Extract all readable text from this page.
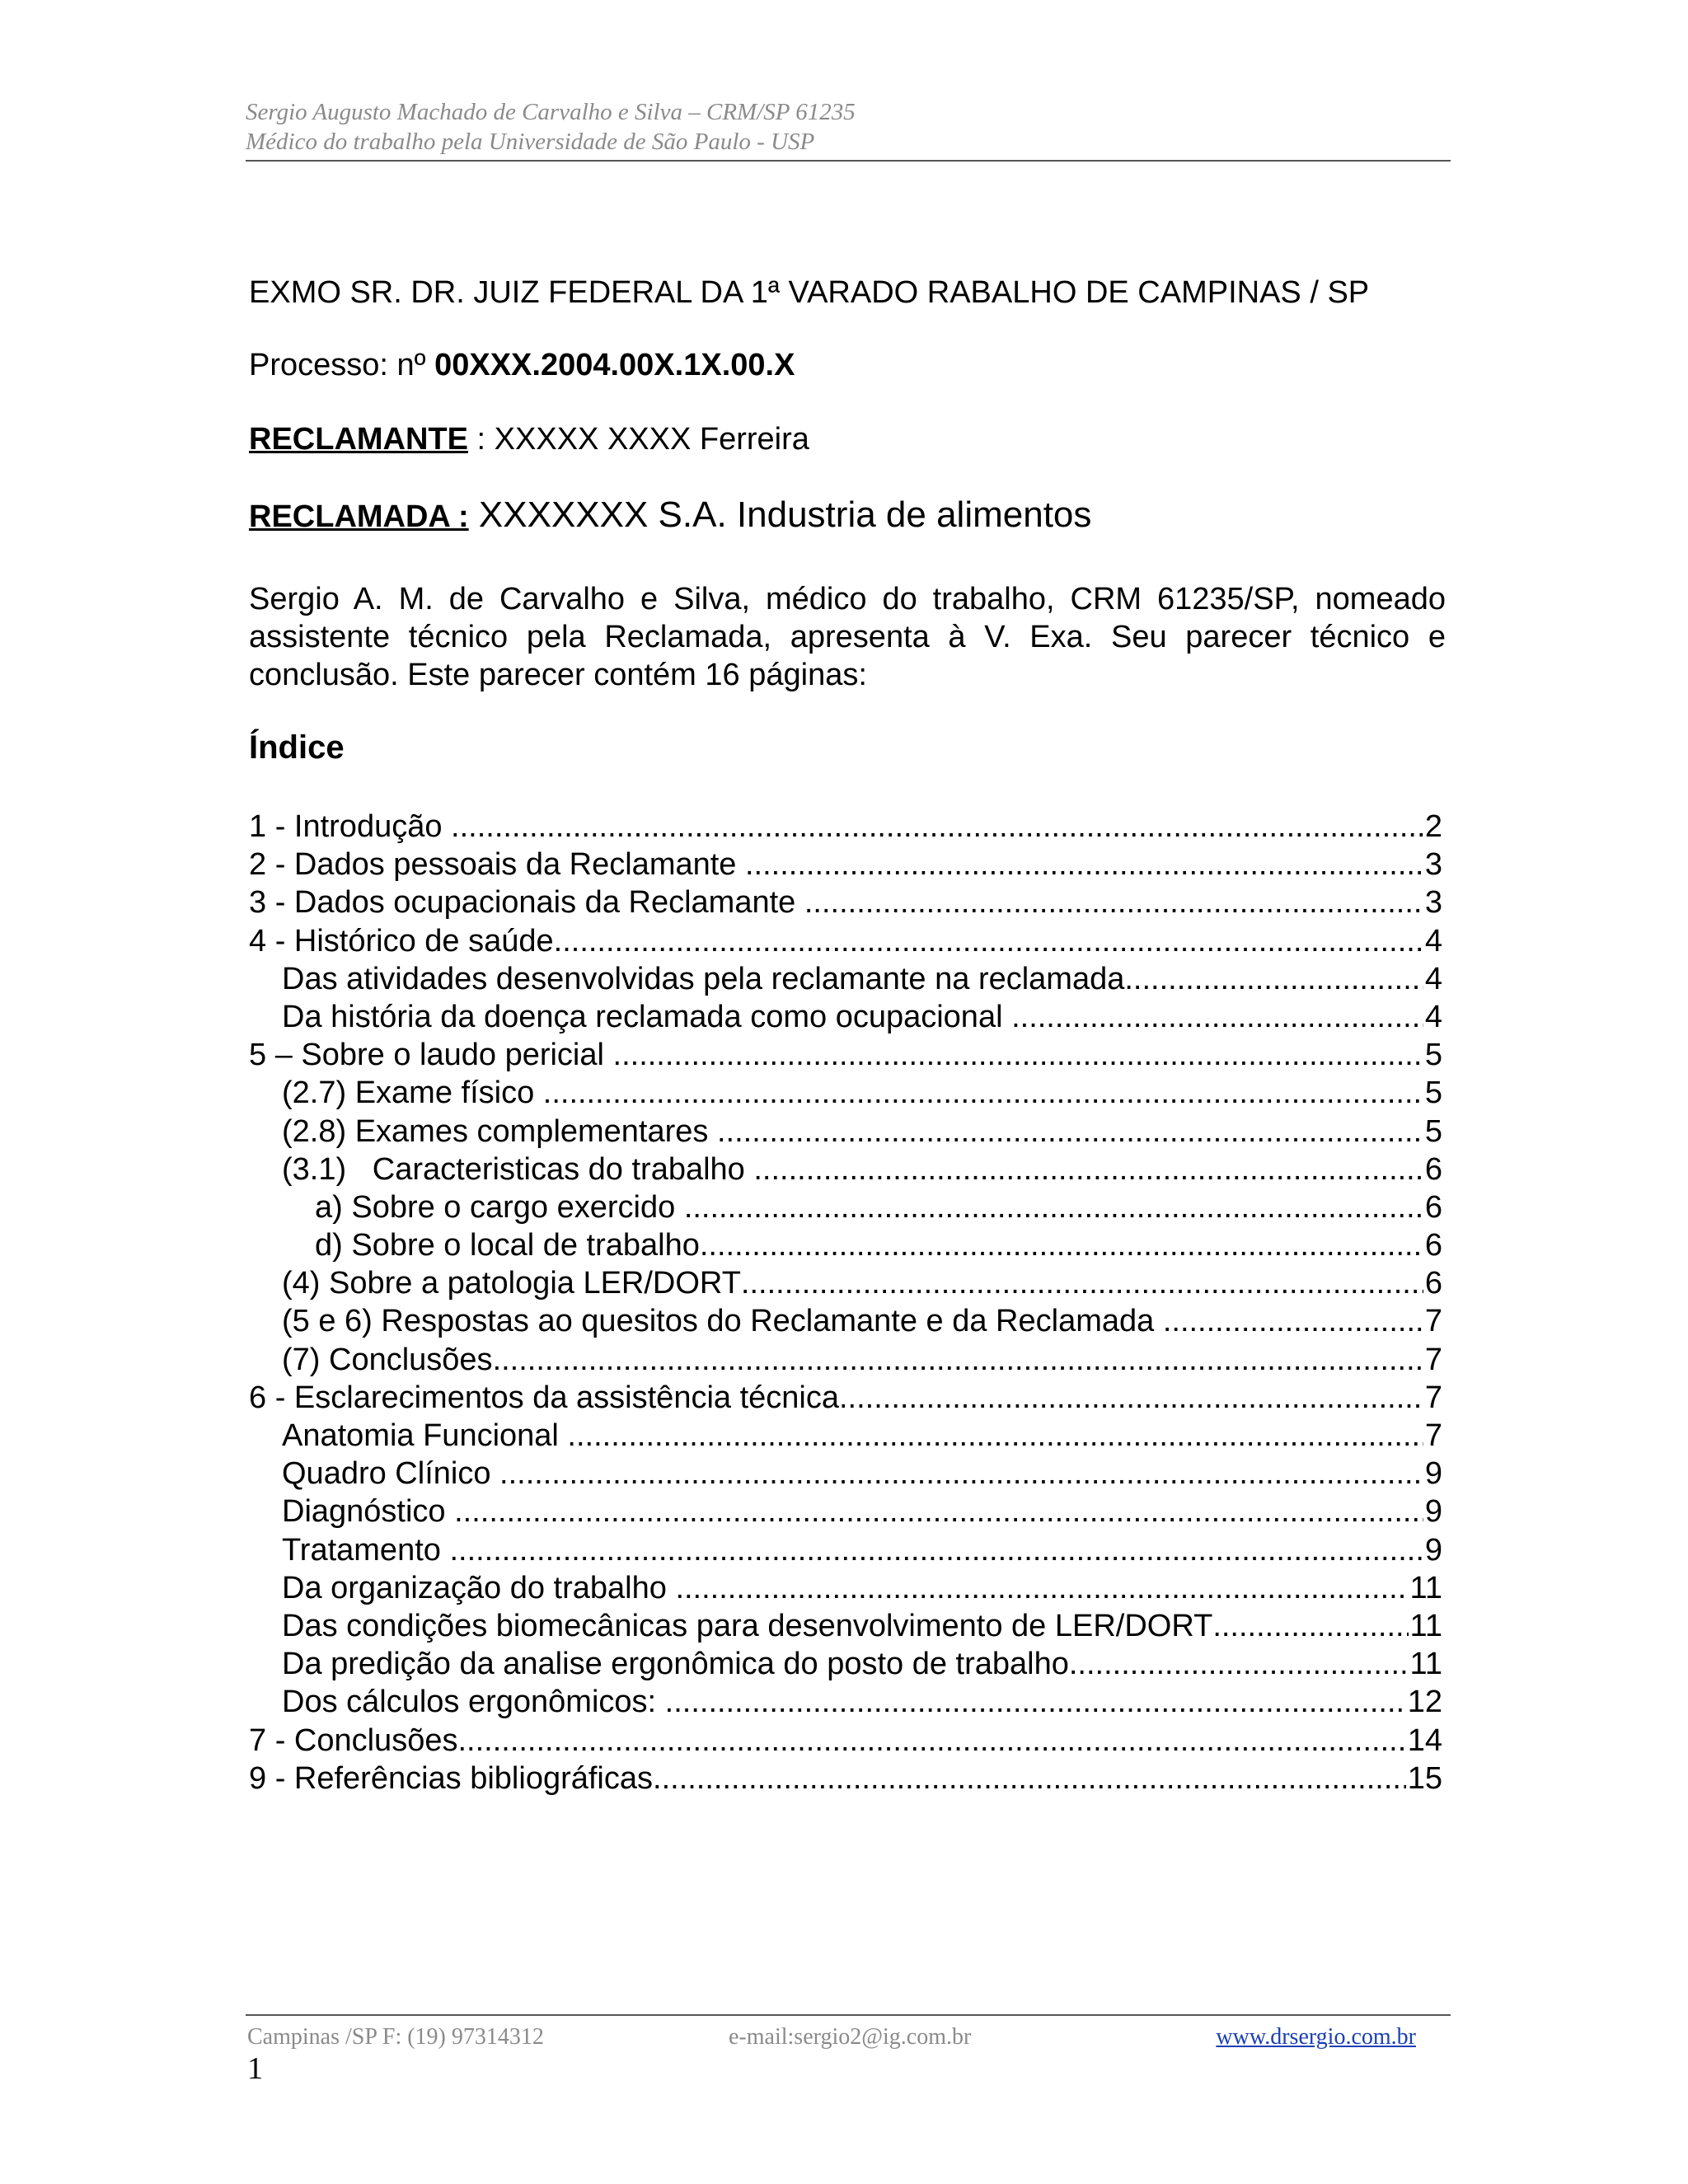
Sergio Augusto Machado de Carvalho e Silva – CRM/SP 61235
Médico do trabalho pela Universidade de São Paulo - USP
EXMO SR. DR. JUIZ FEDERAL DA 1ª VARADO RABALHO DE CAMPINAS / SP
Processo: nº 00XXX.2004.00X.1X.00.X
RECLAMANTE : XXXXX XXXX Ferreira
RECLAMADA : XXXXXXX S.A. Industria de alimentos
Sergio A. M. de Carvalho e Silva, médico do trabalho, CRM 61235/SP, nomeado assistente técnico pela Reclamada, apresenta à V. Exa. Seu parecer técnico e conclusão. Este parecer contém 16 páginas:
Índice
1 - Introdução .....	2
2 - Dados pessoais da Reclamante .....	3
3 - Dados ocupacionais da Reclamante .....	3
4 - Histórico de saúde .....	4
Das atividades desenvolvidas pela reclamante na reclamada .....	4
Da história da doença reclamada como ocupacional .....	4
5 – Sobre o laudo pericial .....	5
(2.7) Exame físico .....	5
(2.8) Exames complementares .....	5
(3.1)   Caracteristicas do trabalho .....	6
a) Sobre o cargo exercido .....	6
d) Sobre o local de trabalho .....	6
(4) Sobre a patologia LER/DORT .....	6
(5 e 6) Respostas ao quesitos do Reclamante e da Reclamada .....	7
(7) Conclusões .....	7
6 - Esclarecimentos da assistência técnica .....	7
Anatomia Funcional .....	7
Quadro Clínico .....	9
Diagnóstico .....	9
Tratamento .....	9
Da organização do trabalho .....	11
Das condições biomecânicas para desenvolvimento de LER/DORT .....	11
Da predição da analise ergonômica do posto de trabalho .....	11
Dos cálculos ergonômicos: .....	12
7 - Conclusões .....	14
9 - Referências bibliográficas .....	15
Campinas /SP F: (19) 97314312	e-mail:sergio2@ig.com.br	www.drsergio.com.br
1
